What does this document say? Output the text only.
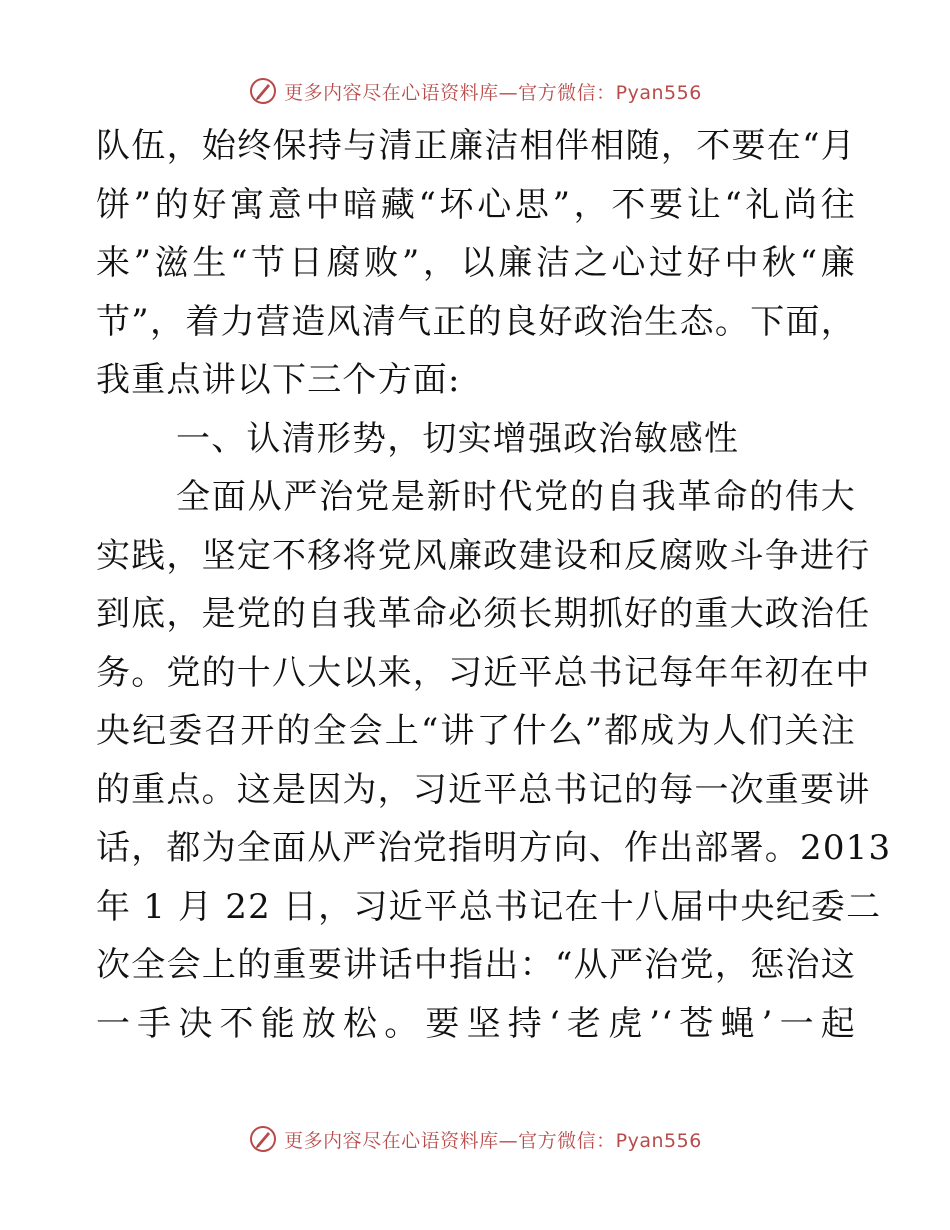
更多内容尽在心语资料库—官方微信：Pyan556
队伍，始终保持与清正廉洁相伴相随，不要在“月
饼”的好寓意中暗藏“坏心思”，不要让“礼尚往
来”滋生“节日腐败”，以廉洁之心过好中秋“廉
节”，着力营造风清气正的良好政治生态。下面，
我重点讲以下三个方面:
一、认清形势，切实增强政治敏感性
全面从严治党是新时代党的自我革命的伟大
实践，坚定不移将党风廉政建设和反腐败斗争进行
到底，是党的自我革命必须长期抓好的重大政治任
务。党的十八大以来，习近平总书记每年年初在中
央纪委召开的全会上“讲了什么”都成为人们关注
的重点。这是因为，习近平总书记的每一次重要讲
话，都为全面从严治党指明方向、作出部署。2013
年 1 月 22 日，习近平总书记在十八届中央纪委二
次全会上的重要讲话中指出：“从严治党，惩治这
一手决不能放松。要坚持‘老虎’‘苍蝇’一起
更多内容尽在心语资料库—官方微信：Pyan556
